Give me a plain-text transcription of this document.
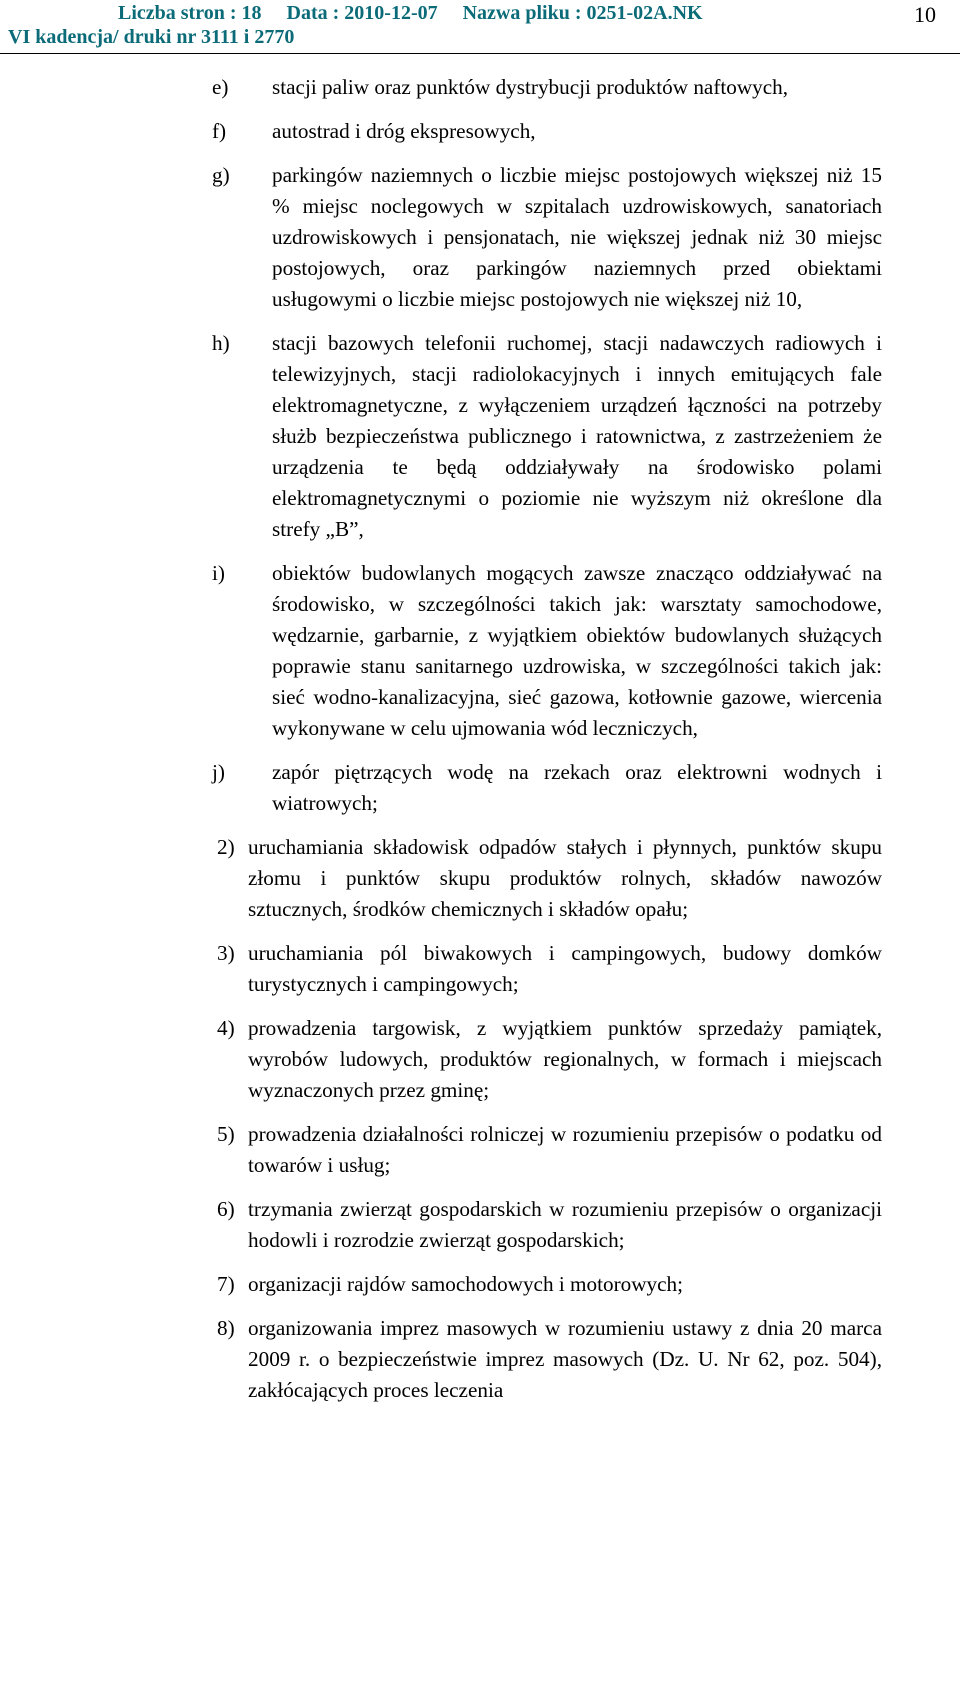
Liczba stron : 18     Data : 2010-12-07     Nazwa pliku : 0251-02A.NK
VI kadencja/ druki nr 3111 i 2770
10
e)	stacji paliw oraz punktów dystrybucji produktów naftowych,
f)	autostrad i dróg ekspresowych,
g)	parkingów naziemnych o liczbie miejsc postojowych większej niż 15 % miejsc noclegowych w szpitalach uzdrowiskowych, sanatoriach uzdrowiskowych i pensjonatach, nie większej jednak niż 30 miejsc postojowych, oraz parkingów naziemnych przed obiektami usługowymi o liczbie miejsc postojowych nie większej niż 10,
h)	stacji bazowych telefonii ruchomej, stacji nadawczych radiowych i telewizyjnych, stacji radiolokacyjnych i innych emitujących fale elektromagnetyczne, z wyłączeniem urządzeń łączności na potrzeby służb bezpieczeństwa publicznego i ratownictwa, z zastrzeżeniem że urządzenia te będą oddziaływały na środowisko polami elektromagnetycznymi o poziomie nie wyższym niż określone dla strefy „B”,
i)	obiektów budowlanych mogących zawsze znacząco oddziaływać na środowisko, w szczególności takich jak: warsztaty samochodowe, wędzarnie, garbarnie, z wyjątkiem obiektów budowlanych służących poprawie stanu sanitarnego uzdrowiska, w szczególności takich jak: sieć wodno-kanalizacyjna, sieć gazowa, kotłownie gazowe, wiercenia wykonywane w celu ujmowania wód leczniczych,
j)	zapór piętrzących wodę na rzekach oraz elektrowni wodnych i wiatrowych;
2) uruchamiania składowisk odpadów stałych i płynnych, punktów skupu złomu i punktów skupu produktów rolnych, składów nawozów sztucznych, środków chemicznych i składów opału;
3) uruchamiania pól biwakowych i campingowych, budowy domków turystycznych i campingowych;
4) prowadzenia targowisk, z wyjątkiem punktów sprzedaży pamiątek, wyrobów ludowych, produktów regionalnych, w formach i miejscach wyznaczonych przez gminę;
5) prowadzenia działalności rolniczej w rozumieniu przepisów o podatku od towarów i usług;
6) trzymania zwierząt gospodarskich w rozumieniu przepisów o organizacji hodowli i rozrodzie zwierząt gospodarskich;
7) organizacji rajdów samochodowych i motorowych;
8) organizowania imprez masowych w rozumieniu ustawy z dnia 20 marca 2009 r. o bezpieczeństwie imprez masowych (Dz. U. Nr 62, poz. 504), zakłócających proces leczenia
